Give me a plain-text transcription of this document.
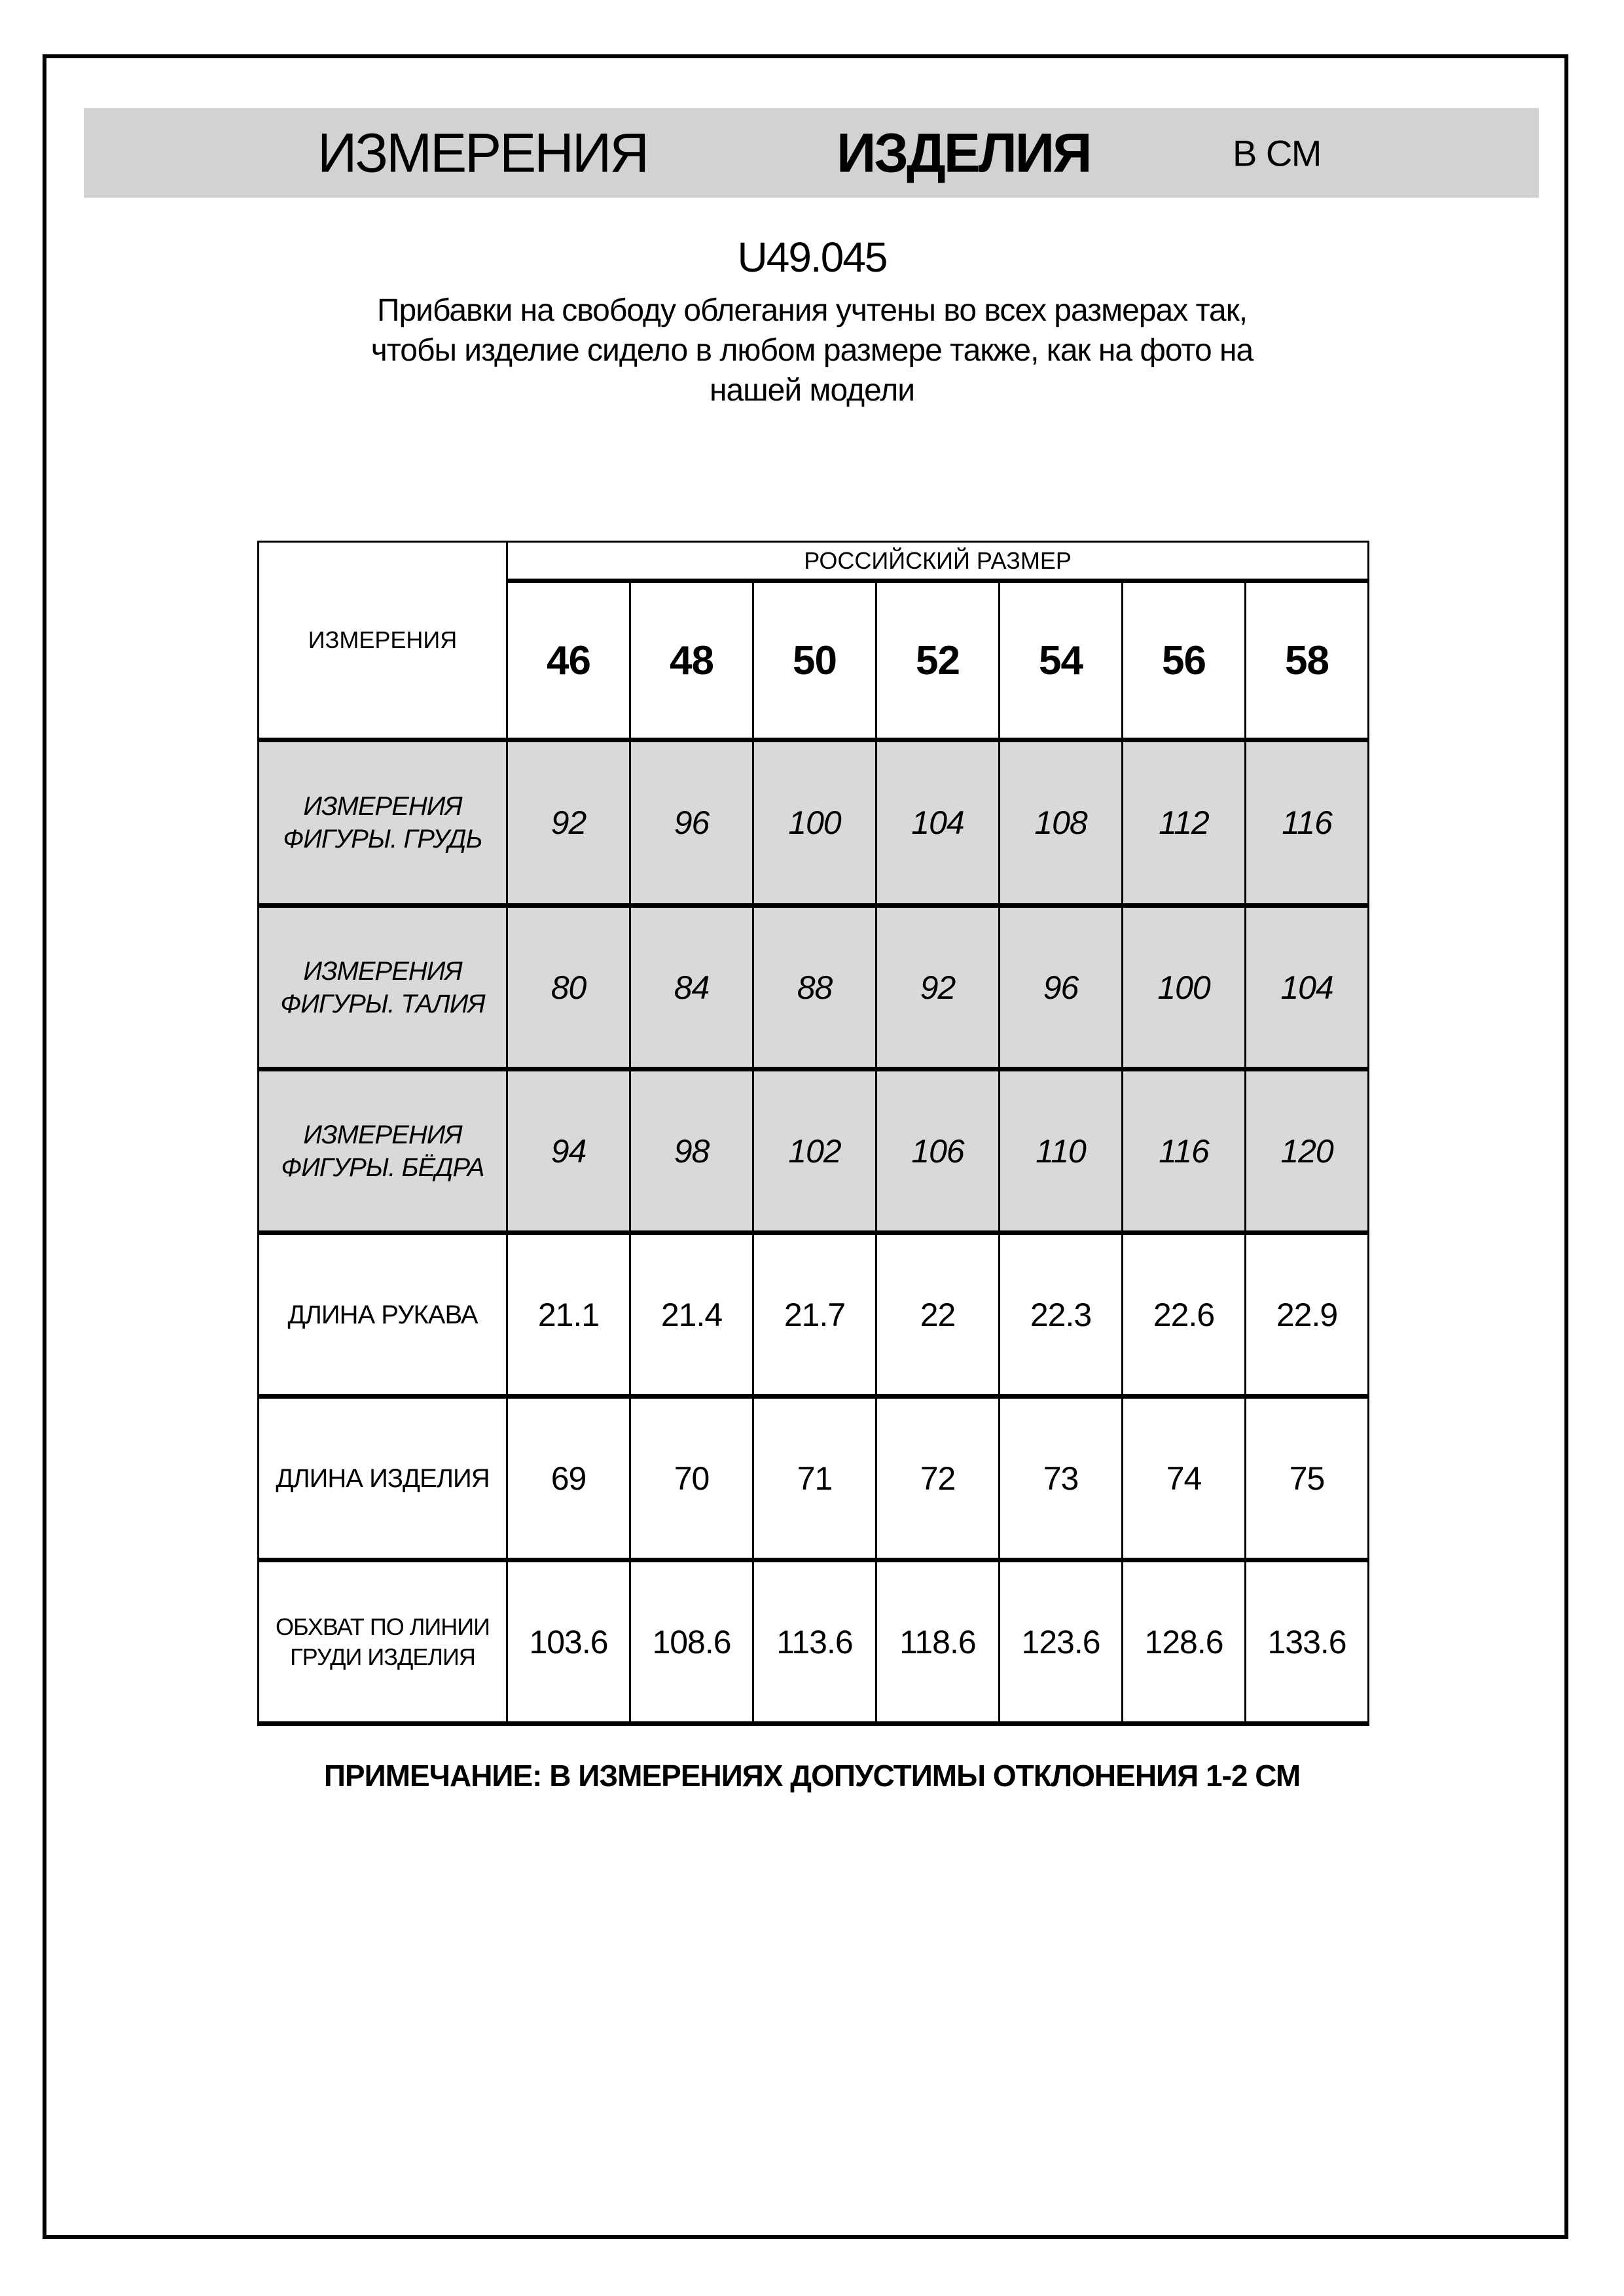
ИЗМЕРЕНИЯ	ИЗДЕЛИЯ	В СМ
U49.045
Прибавки на свободу облегания учтены во всех размерах так,
чтобы изделие сидело в любом размере также, как на фото на
нашей модели
ИЗМЕРЕНИЯ	РОССИЙСКИЙ РАЗМЕР						
	46	48	50	52	54	56	58
ИЗМЕРЕНИЯ ФИГУРЫ. ГРУДЬ	92	96	100	104	108	112	116
ИЗМЕРЕНИЯ ФИГУРЫ. ТАЛИЯ	80	84	88	92	96	100	104
ИЗМЕРЕНИЯ ФИГУРЫ. БЁДРА	94	98	102	106	110	116	120
ДЛИНА РУКАВА	21.1	21.4	21.7	22	22.3	22.6	22.9
ДЛИНА ИЗДЕЛИЯ	69	70	71	72	73	74	75
ОБХВАТ ПО ЛИНИИ ГРУДИ ИЗДЕЛИЯ	103.6	108.6	113.6	118.6	123.6	128.6	133.6
ПРИМЕЧАНИЕ: В ИЗМЕРЕНИЯХ ДОПУСТИМЫ ОТКЛОНЕНИЯ 1-2 СМ
